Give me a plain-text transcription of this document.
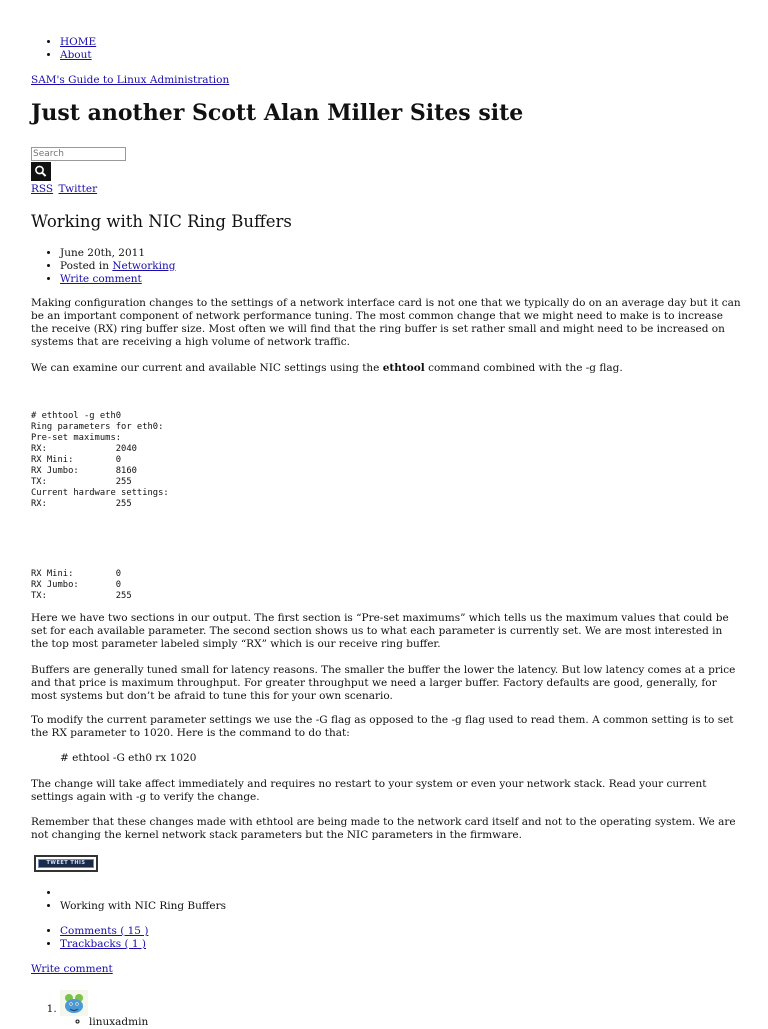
• HOME
• About
SAM's Guide to Linux Administration
Just another Scott Alan Miller Sites site
Search
RSS Twitter
Working with NIC Ring Buffers
• June 20th, 2011
• Posted in Networking
• Write comment

Making configuration changes to the settings of a network interface card is not one that we typically do on an average day but it can be an important component of network performance tuning. The most common change that we might need to make is to increase the receive (RX) ring buffer size. Most often we will find that the ring buffer is set rather small and might need to be increased on systems that are receiving a high volume of network traffic.

We can examine our current and available NIC settings using the ethtool command combined with the -g flag.

# ethtool -g eth0
Ring parameters for eth0:
Pre-set maximums:
RX:             2040
RX Mini:        0
RX Jumbo:       8160
TX:             255
Current hardware settings:
RX:             255
RX Mini:        0
RX Jumbo:       0
TX:             255

Here we have two sections in our output. The first section is “Pre-set maximums” which tells us the maximum values that could be set for each available parameter. The second section shows us to what each parameter is currently set. We are most interested in the top most parameter labeled simply “RX” which is our receive ring buffer.

Buffers are generally tuned small for latency reasons. The smaller the buffer the lower the latency. But low latency comes at a price and that price is maximum throughput. For greater throughput we need a larger buffer. Factory defaults are good, generally, for most systems but don’t be afraid to tune this for your own scenario.

To modify the current parameter settings we use the -G flag as opposed to the -g flag used to read them. A common setting is to set the RX parameter to 1020. Here is the command to do that:

# ethtool -G eth0 rx 1020

The change will take affect immediately and requires no restart to your system or even your network stack. Read your current settings again with -g to verify the change.

Remember that these changes made with ethtool are being made to the network card itself and not to the operating system. We are not changing the kernel network stack parameters but the NIC parameters in the firmware.

TWEET THIS
•
• Working with NIC Ring Buffers
• Comments ( 15 )
• Trackbacks ( 1 )
Write comment
◦ 1. linuxadmin
